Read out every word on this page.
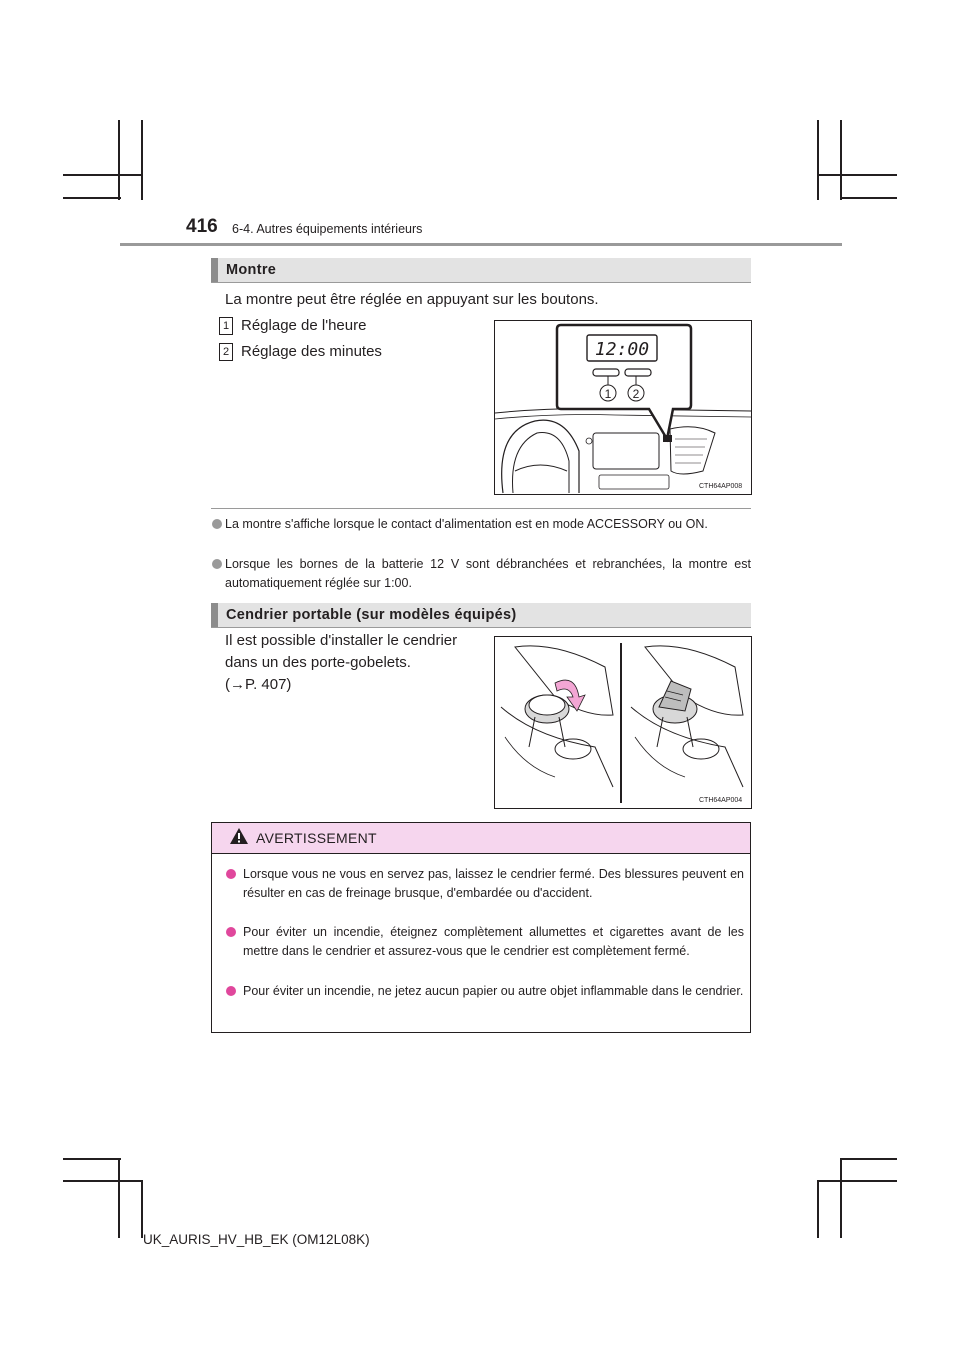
416 6-4. Autres équipements intérieurs
Montre
La montre peut être réglée en appuyant sur les boutons.
1 Réglage de l'heure
2 Réglage des minutes	12:00
1 2
CTH64AP008
La montre s'affiche lorsque le contact d'alimentation est en mode ACCESSORY ou ON.
Lorsque les bornes de la batterie 12 V sont débranchées et rebranchées, la montre est automatiquement réglée sur 1:00.
Cendrier portable (sur modèles équipés)
Il est possible d'installer le cendrier
dans un des porte-gobelets.
(→P. 407)
CTH64AP004
AVERTISSEMENT
Lorsque vous ne vous en servez pas, laissez le cendrier fermé. Des blessures peuvent en résulter en cas de freinage brusque, d'embardée ou d'accident.
Pour éviter un incendie, éteignez complètement allumettes et cigarettes avant de les mettre dans le cendrier et assurez-vous que le cendrier est complètement fermé.
Pour éviter un incendie, ne jetez aucun papier ou autre objet inflammable dans le cendrier.
UK_AURIS_HV_HB_EK (OM12L08K)
